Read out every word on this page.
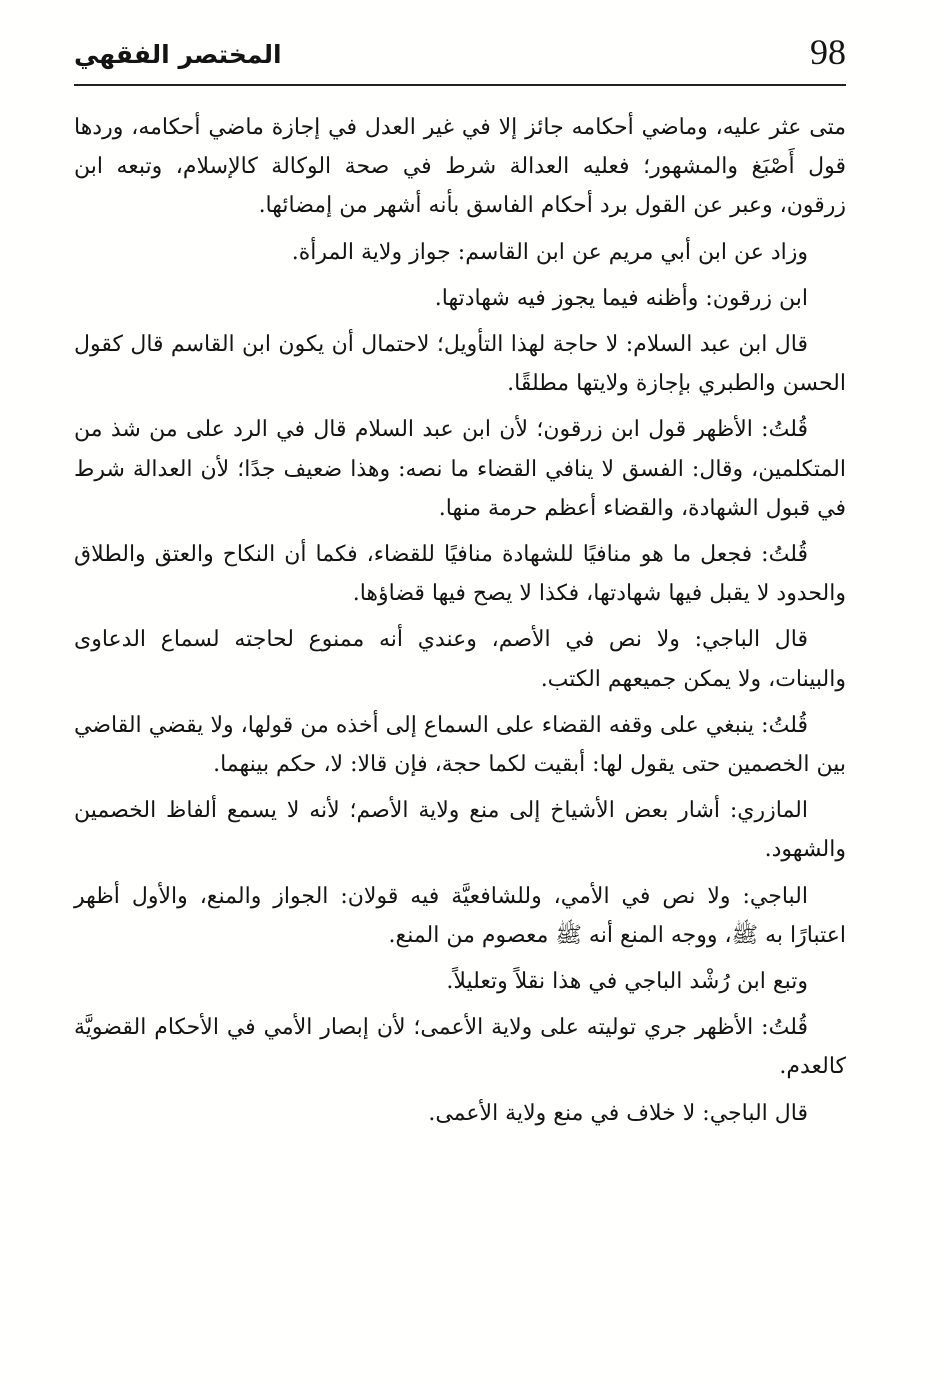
98
المختصر الفقهي

متى عثر عليه، وماضي أحكامه جائز إلا في غير العدل في إجازة ماضي أحكامه، وردها قول أَصْبَغ والمشهور؛ فعليه العدالة شرط في صحة الوكالة كالإسلام، وتبعه ابن زرقون، وعبر عن القول برد أحكام الفاسق بأنه أشهر من إمضائها.

وزاد عن ابن أبي مريم عن ابن القاسم: جواز ولاية المرأة.

ابن زرقون: وأظنه فيما يجوز فيه شهادتها.

قال ابن عبد السلام: لا حاجة لهذا التأويل؛ لاحتمال أن يكون ابن القاسم قال كقول الحسن والطبري بإجازة ولايتها مطلقًا.

قُلتُ: الأظهر قول ابن زرقون؛ لأن ابن عبد السلام قال في الرد على من شذ من المتكلمين، وقال: الفسق لا ينافي القضاء ما نصه: وهذا ضعيف جدًا؛ لأن العدالة شرط في قبول الشهادة، والقضاء أعظم حرمة منها.

قُلتُ: فجعل ما هو منافيًا للشهادة منافيًا للقضاء، فكما أن النكاح والعتق والطلاق والحدود لا يقبل فيها شهادتها، فكذا لا يصح فيها قضاؤها.

قال الباجي: ولا نص في الأصم، وعندي أنه ممنوع لحاجته لسماع الدعاوى والبينات، ولا يمكن جميعهم الكتب.

قُلتُ: ينبغي على وقفه القضاء على السماع إلى أخذه من قولها، ولا يقضي القاضي بين الخصمين حتى يقول لها: أبقيت لكما حجة، فإن قالا: لا، حكم بينهما.

المازري: أشار بعض الأشياخ إلى منع ولاية الأصم؛ لأنه لا يسمع ألفاظ الخصمين والشهود.

الباجي: ولا نص في الأمي، وللشافعيَّة فيه قولان: الجواز والمنع، والأول أظهر اعتبارًا به ﷺ، ووجه المنع أنه ﷺ معصوم من المنع.

وتبع ابن رُشْد الباجي في هذا نقلاً وتعليلاً.

قُلتُ: الأظهر جري توليته على ولاية الأعمى؛ لأن إبصار الأمي في الأحكام القضويَّة كالعدم.

قال الباجي: لا خلاف في منع ولاية الأعمى.
